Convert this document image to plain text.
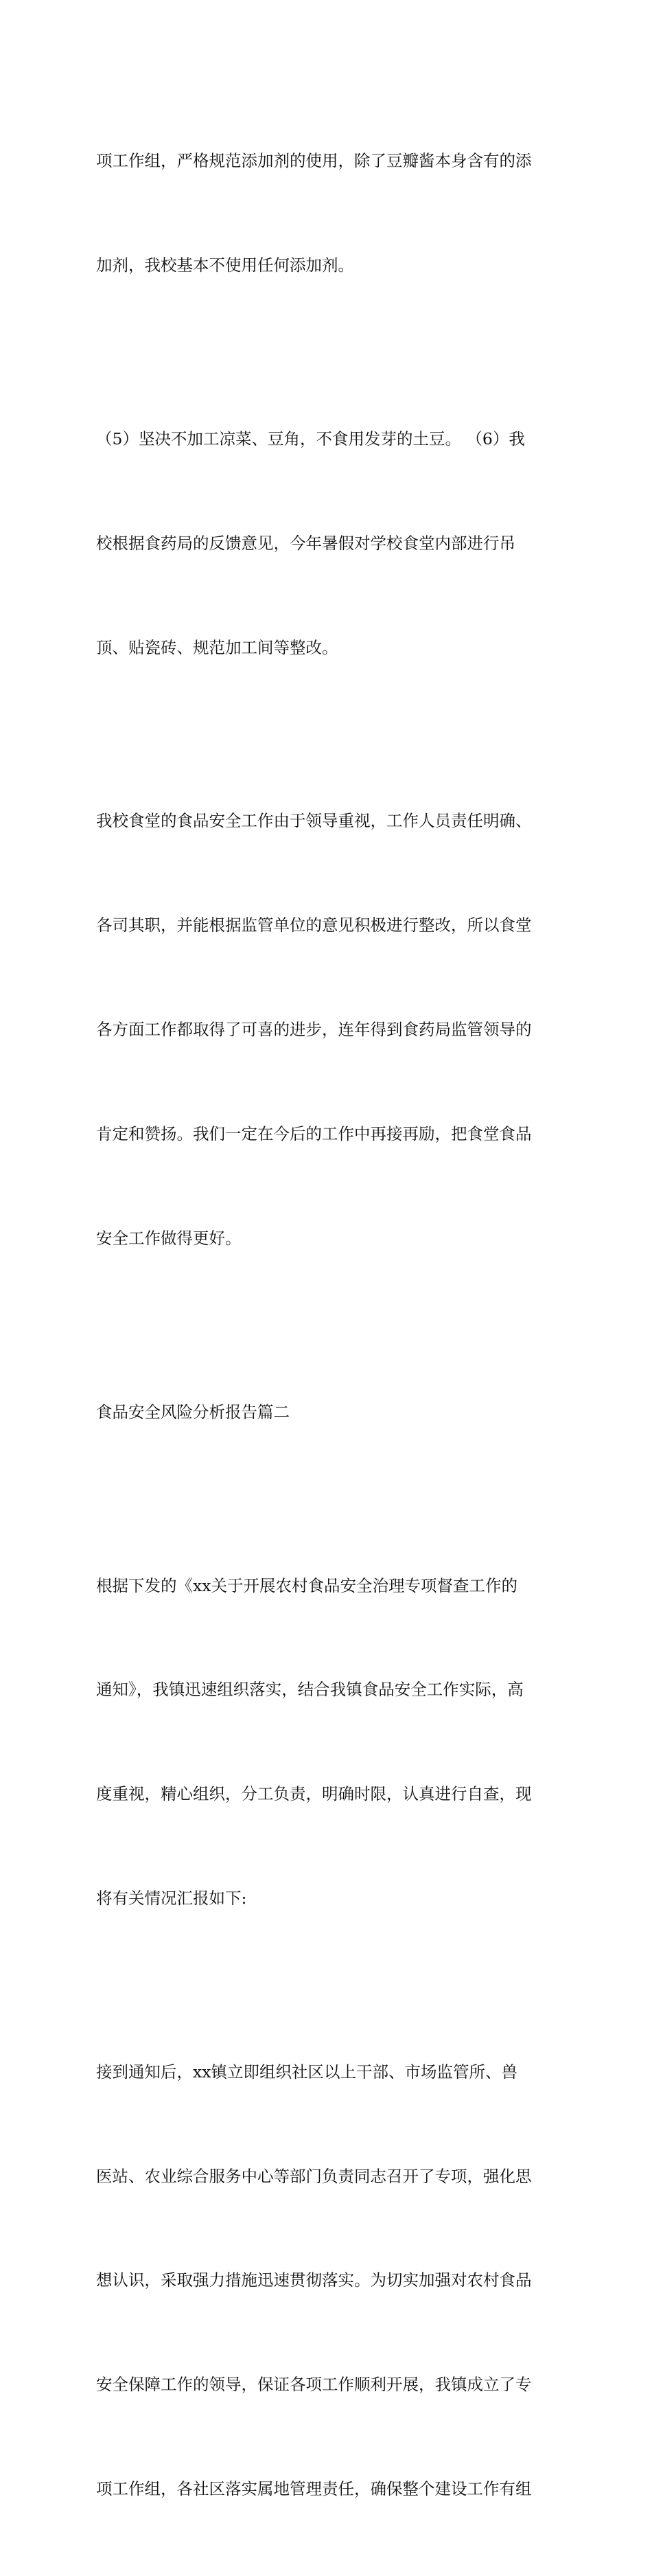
项工作组，严格规范添加剂的使用，除了豆瓣酱本身含有的添

加剂，我校基本不使用任何添加剂。

（5）坚决不加工凉菜、豆角，不食用发芽的土豆。 （6）我

校根据食药局的反馈意见，今年暑假对学校食堂内部进行吊

顶、贴瓷砖、规范加工间等整改。

我校食堂的食品安全工作由于领导重视，工作人员责任明确、

各司其职，并能根据监管单位的意见积极进行整改，所以食堂

各方面工作都取得了可喜的进步，连年得到食药局监管领导的

肯定和赞扬。我们一定在今后的工作中再接再励，把食堂食品

安全工作做得更好。

食品安全风险分析报告篇二

根据下发的《xx关于开展农村食品安全治理专项督查工作的

通知》，我镇迅速组织落实，结合我镇食品安全工作实际，高

度重视，精心组织，分工负责，明确时限，认真进行自查，现

将有关情况汇报如下:

接到通知后，xx镇立即组织社区以上干部、市场监管所、兽

医站、农业综合服务中心等部门负责同志召开了专项，强化思

想认识，采取强力措施迅速贯彻落实。为切实加强对农村食品

安全保障工作的领导，保证各项工作顺利开展，我镇成立了专

项工作组，各社区落实属地管理责任，确保整个建设工作有组
